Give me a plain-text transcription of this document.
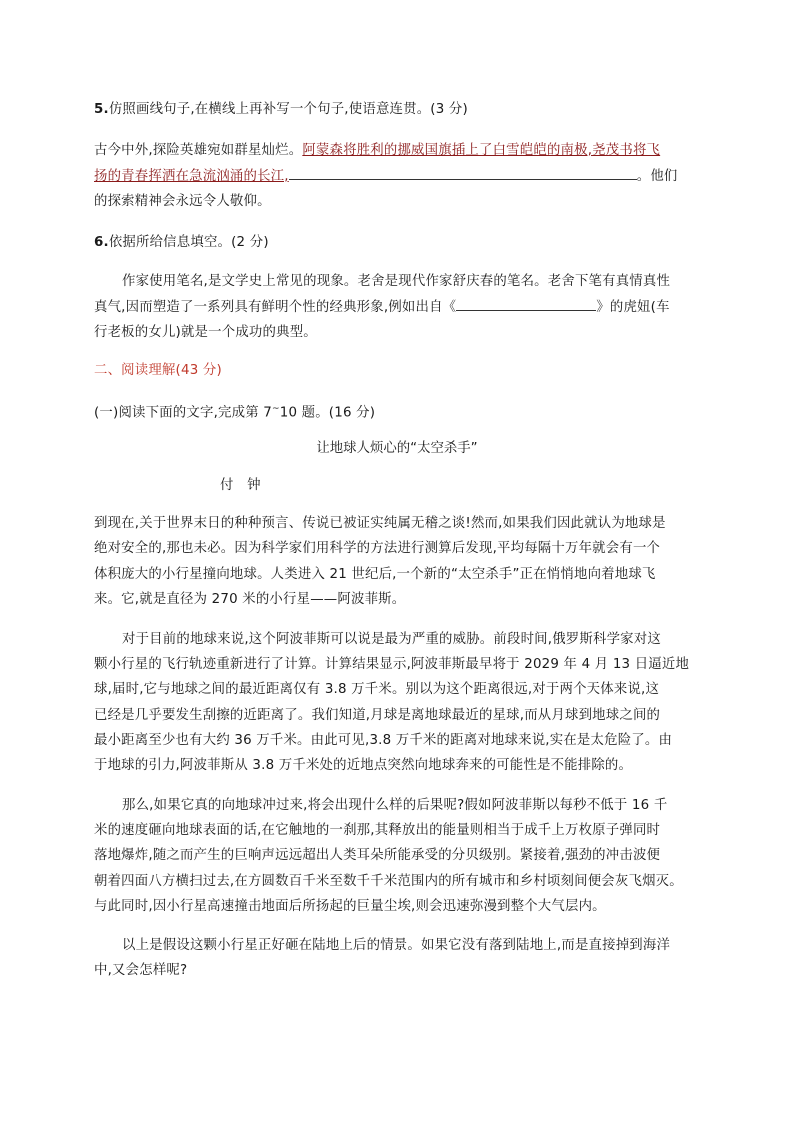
5.仿照画线句子,在横线上再补写一个句子,使语意连贯。(3 分)
古今中外,探险英雄宛如群星灿烂。阿蒙森将胜利的挪威国旗插上了白雪皑皑的南极,尧茂书将飞
扬的青春挥洒在急流汹涌的长江,	。他们
的探索精神会永远令人敬仰。
6.依据所给信息填空。(2 分)
作家使用笔名,是文学史上常见的现象。老舍是现代作家舒庆春的笔名。老舍下笔有真情真性
真气,因而塑造了一系列具有鲜明个性的经典形象,例如出自《	》的虎妞(车
行老板的女儿)就是一个成功的典型。
二、阅读理解(43 分)
(一)阅读下面的文字,完成第 7~10 题。(16 分)
让地球人烦心的“太空杀手”
付　钟
到现在,关于世界末日的种种预言、传说已被证实纯属无稽之谈!然而,如果我们因此就认为地球是
绝对安全的,那也未必。因为科学家们用科学的方法进行测算后发现,平均每隔十万年就会有一个
体积庞大的小行星撞向地球。人类进入 21 世纪后,一个新的“太空杀手”正在悄悄地向着地球飞
来。它,就是直径为 270 米的小行星——阿波菲斯。
对于目前的地球来说,这个阿波菲斯可以说是最为严重的威胁。前段时间,俄罗斯科学家对这
颗小行星的飞行轨迹重新进行了计算。计算结果显示,阿波菲斯最早将于 2029 年 4 月 13 日逼近地
球,届时,它与地球之间的最近距离仅有 3.8 万千米。别以为这个距离很远,对于两个天体来说,这
已经是几乎要发生刮擦的近距离了。我们知道,月球是离地球最近的星球,而从月球到地球之间的
最小距离至少也有大约 36 万千米。由此可见,3.8 万千米的距离对地球来说,实在是太危险了。由
于地球的引力,阿波菲斯从 3.8 万千米处的近地点突然向地球奔来的可能性是不能排除的。
那么,如果它真的向地球冲过来,将会出现什么样的后果呢?假如阿波菲斯以每秒不低于 16 千
米的速度砸向地球表面的话,在它触地的一刹那,其释放出的能量则相当于成千上万枚原子弹同时
落地爆炸,随之而产生的巨响声远远超出人类耳朵所能承受的分贝级别。紧接着,强劲的冲击波便
朝着四面八方横扫过去,在方圆数百千米至数千千米范围内的所有城市和乡村顷刻间便会灰飞烟灭。
与此同时,因小行星高速撞击地面后所扬起的巨量尘埃,则会迅速弥漫到整个大气层内。
以上是假设这颗小行星正好砸在陆地上后的情景。如果它没有落到陆地上,而是直接掉到海洋
中,又会怎样呢?
